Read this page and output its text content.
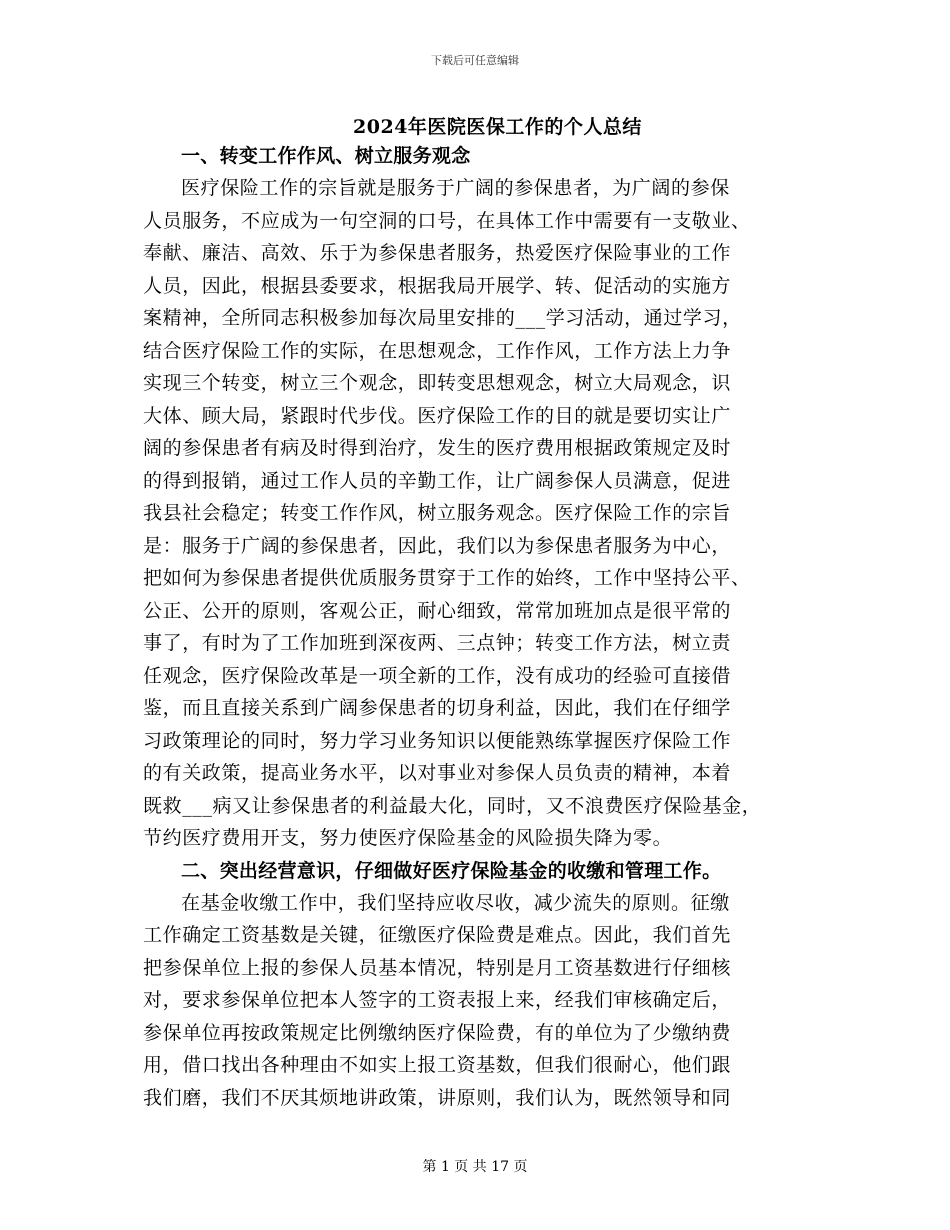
下载后可任意编辑
2024年医院医保工作的个人总结

一、转变工作作风、树立服务观念

医疗保险工作的宗旨就是服务于广阔的参保患者，为广阔的参保
人员服务，不应成为一句空洞的口号，在具体工作中需要有一支敬业、
奉献、廉洁、高效、乐于为参保患者服务，热爱医疗保险事业的工作
人员，因此，根据县委要求，根据我局开展学、转、促活动的实施方
案精神，全所同志积极参加每次局里安排的___学习活动，通过学习，
结合医疗保险工作的实际，在思想观念，工作作风，工作方法上力争
实现三个转变，树立三个观念，即转变思想观念，树立大局观念，识
大体、顾大局，紧跟时代步伐。医疗保险工作的目的就是要切实让广
阔的参保患者有病及时得到治疗，发生的医疗费用根据政策规定及时
的得到报销，通过工作人员的辛勤工作，让广阔参保人员满意，促进
我县社会稳定；转变工作作风，树立服务观念。医疗保险工作的宗旨
是：服务于广阔的参保患者，因此，我们以为参保患者服务为中心，
把如何为参保患者提供优质服务贯穿于工作的始终，工作中坚持公平、
公正、公开的原则，客观公正，耐心细致，常常加班加点是很平常的
事了，有时为了工作加班到深夜两、三点钟；转变工作方法，树立责
任观念，医疗保险改革是一项全新的工作，没有成功的经验可直接借
鉴，而且直接关系到广阔参保患者的切身利益，因此，我们在仔细学
习政策理论的同时，努力学习业务知识以便能熟练掌握医疗保险工作
的有关政策，提高业务水平，以对事业对参保人员负责的精神，本着
既救___病又让参保患者的利益最大化，同时，又不浪费医疗保险基金，
节约医疗费用开支，努力使医疗保险基金的风险损失降为零。

二、突出经营意识，仔细做好医疗保险基金的收缴和管理工作。

在基金收缴工作中，我们坚持应收尽收，减少流失的原则。征缴
工作确定工资基数是关键，征缴医疗保险费是难点。因此，我们首先
把参保单位上报的参保人员基本情况，特别是月工资基数进行仔细核
对，要求参保单位把本人签字的工资表报上来，经我们审核确定后，
参保单位再按政策规定比例缴纳医疗保险费，有的单位为了少缴纳费
用，借口找出各种理由不如实上报工资基数，但我们很耐心，他们跟
我们磨，我们不厌其烦地讲政策，讲原则，我们认为，既然领导和同
第 1 页 共 17 页
